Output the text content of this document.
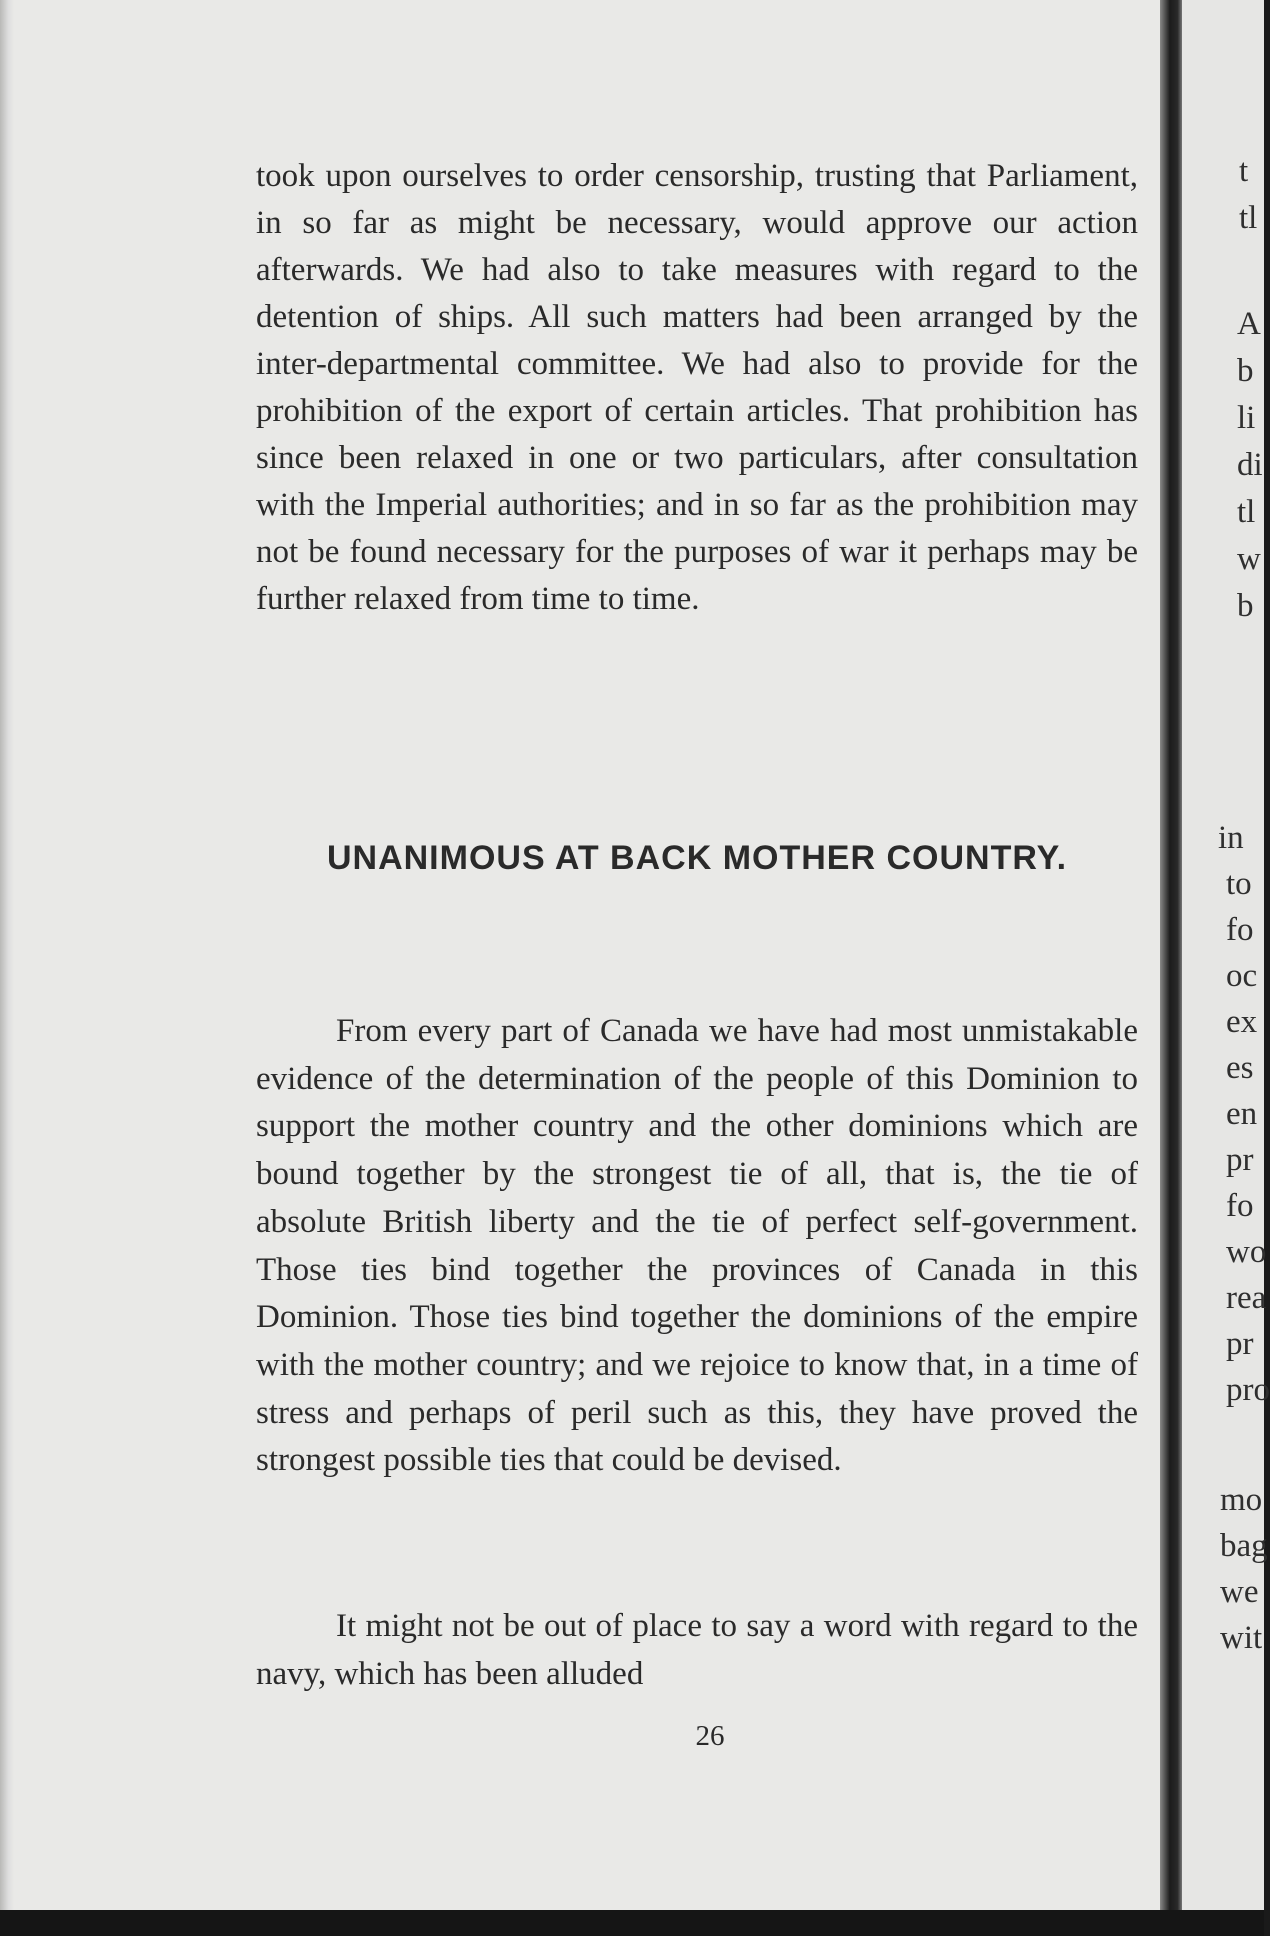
took upon ourselves to order censorship, trusting that Parliament, in so far as might be necessary, would approve our action afterwards. We had also to take measures with regard to the detention of ships. All such matters had been arranged by the inter-departmental committee. We had also to provide for the prohibition of the export of certain articles. That prohibition has since been relaxed in one or two particulars, after consultation with the Imperial authorities; and in so far as the prohibition may not be found necessary for the purposes of war it perhaps may be further relaxed from time to time.

UNANIMOUS AT BACK MOTHER COUNTRY.

From every part of Canada we have had most unmistakable evidence of the determination of the people of this Dominion to support the mother country and the other dominions which are bound together by the strongest tie of all, that is, the tie of absolute British liberty and the tie of perfect self-government. Those ties bind together the provinces of Canada in this Dominion. Those ties bind together the dominions of the empire with the mother country; and we rejoice to know that, in a time of stress and perhaps of peril such as this, they have proved the strongest possible ties that could be devised.

It might not be out of place to say a word with regard to the navy, which has been alluded

26
t
tl
A
b
li
di
tl
w
b
in
to
fo
oc
ex
es
en
pr
fo
wo
rea
pr
pro
mo
bag
we
wit
